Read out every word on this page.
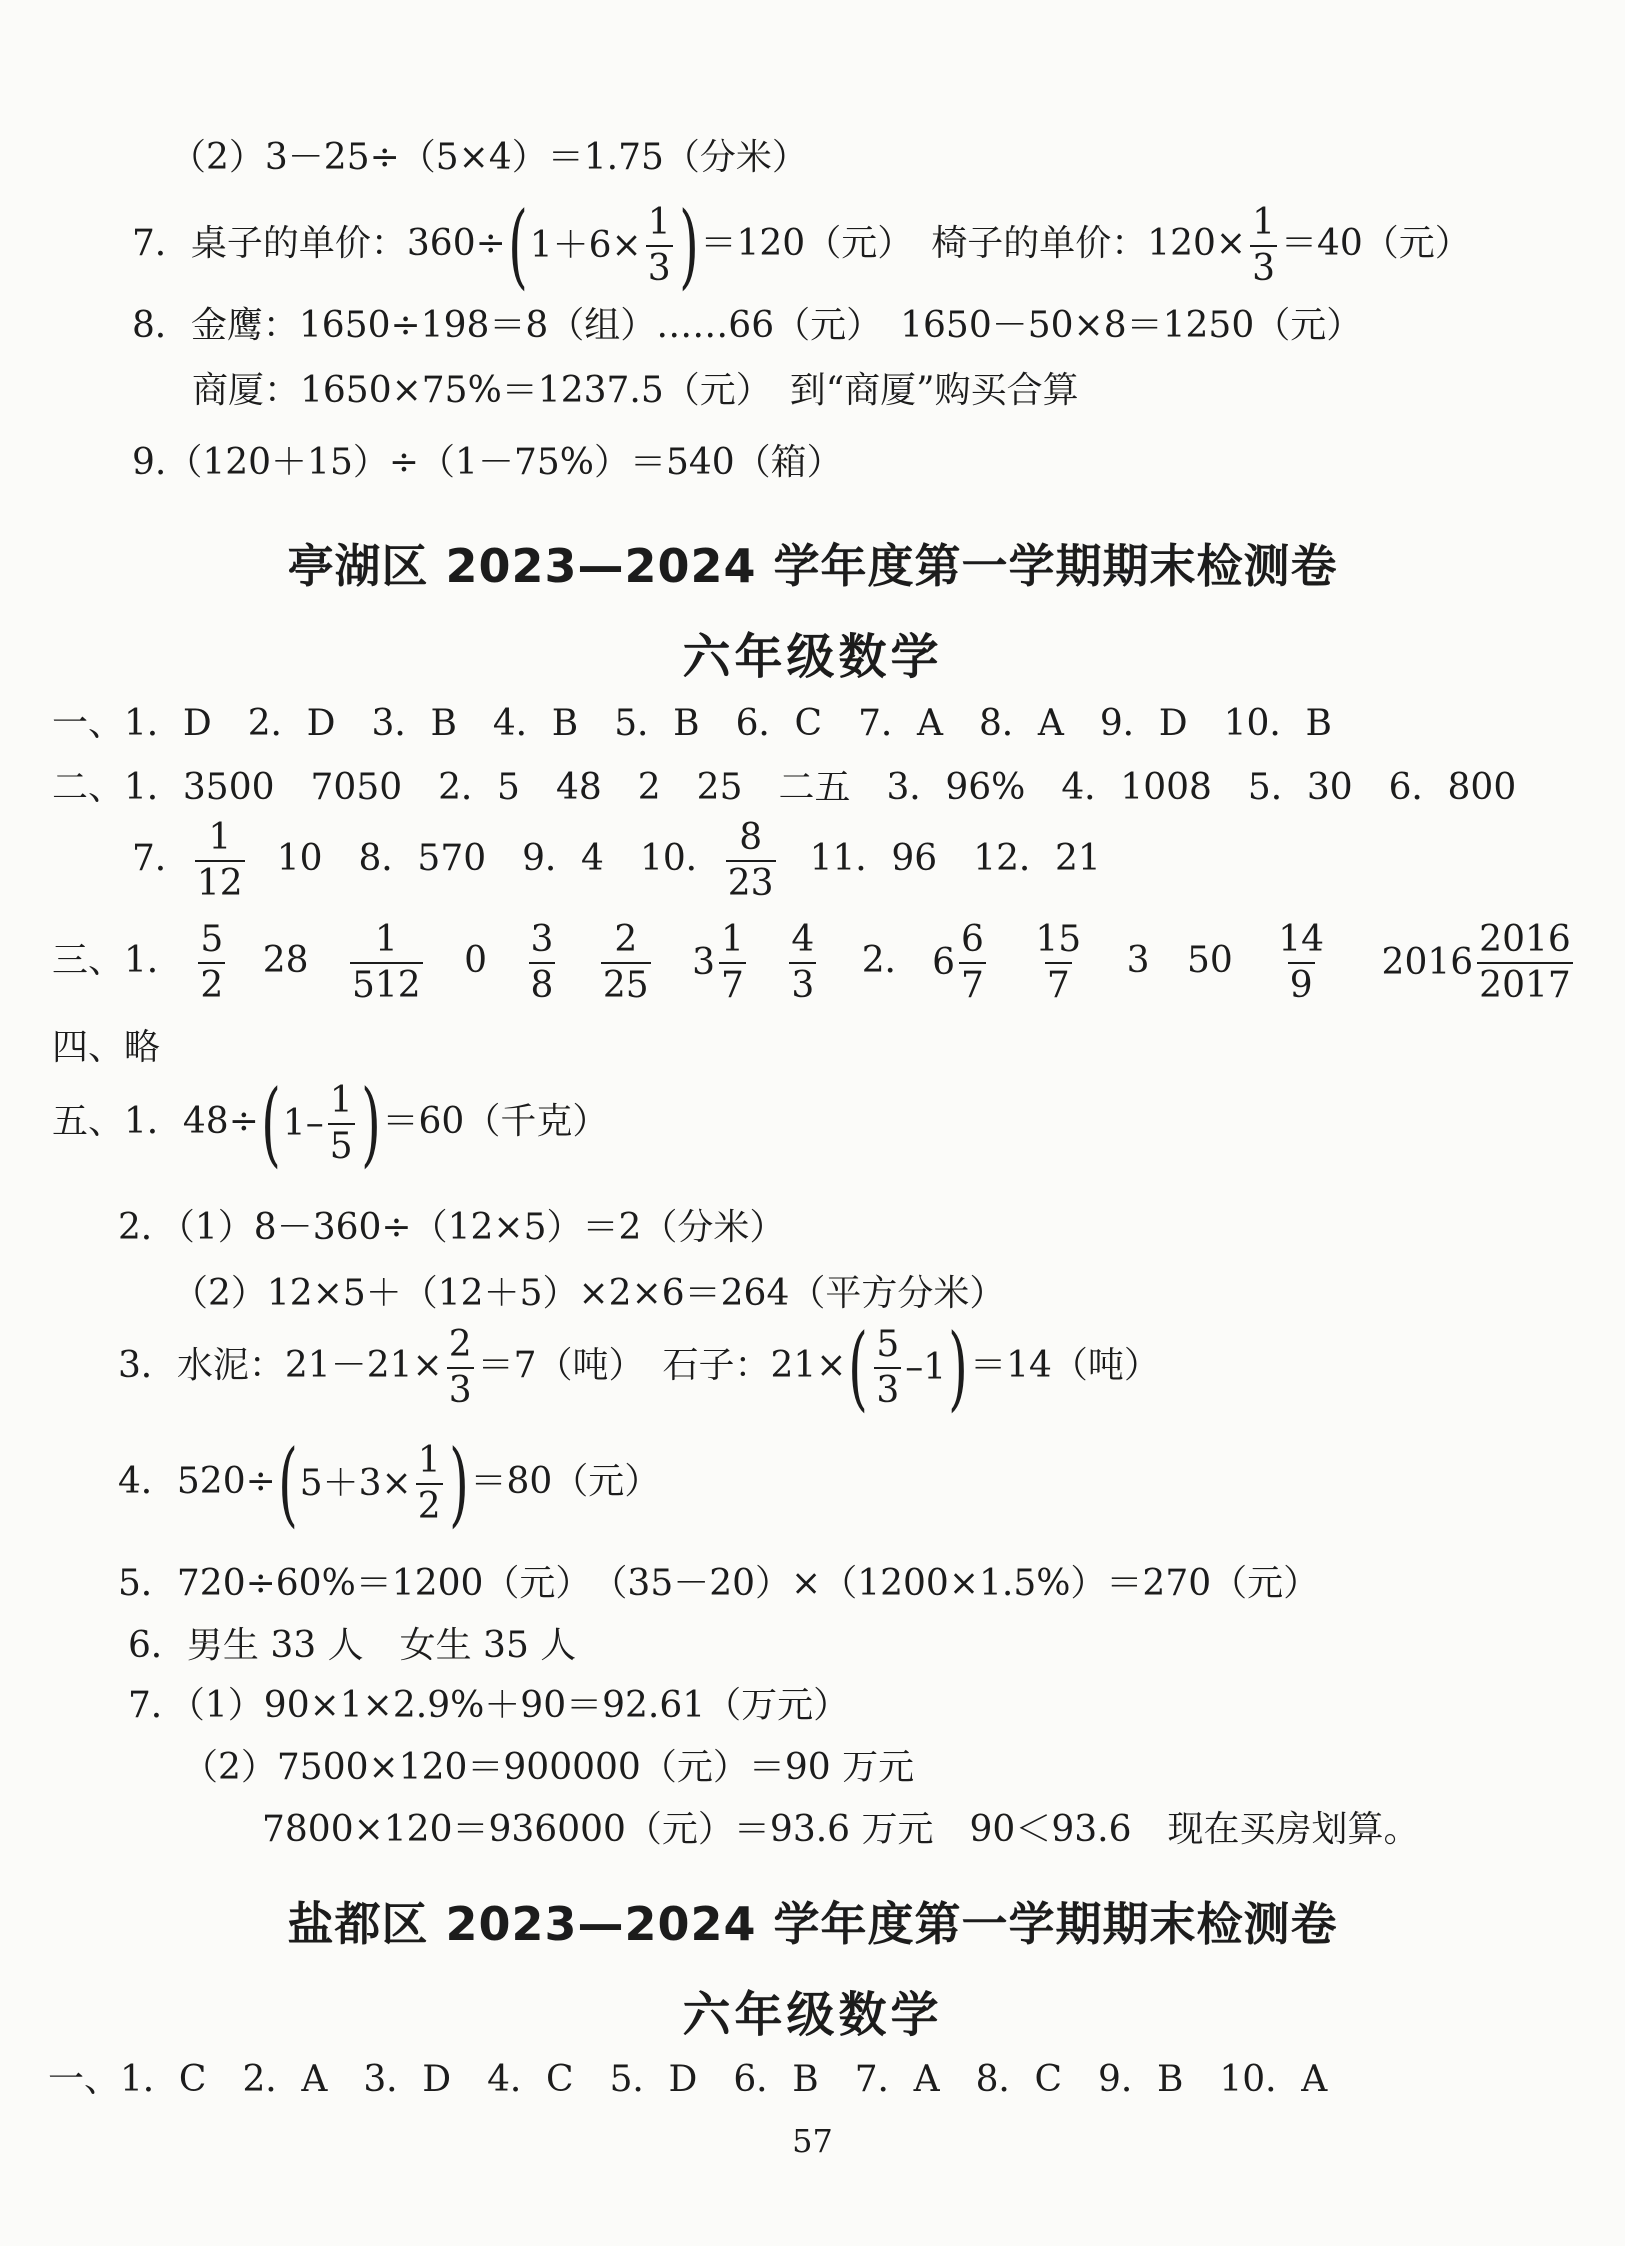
（2）3－25÷（5×4）＝1.75（分米）
7．桌子的单价：360÷ ( $1+6\times \frac{1}{3}$ ) ＝120（元）　椅子的单价：$120\times \frac{1}{3} =40$（元）
8．金鹰：1650÷198＝8（组）……66（元）　1650－50×8＝1250（元）
商厦：1650×75%＝1237.5（元）　到“商厦”购买合算
9.（120＋15）÷（1－75%）＝540（箱）
亭湖区 2023—2024 学年度第一学期期末检测卷
六年级数学
一、1．D　2．D　3．B　4．B　5．B　6．C　7．A　8．A　9．D　10．B
二、1．3500　7050　2．5　48　2　25　二五　3．96%　4．1008　5．30　6．800
7． $\frac{1}{12} 10$　8．570　9．4　10． $\frac{8}{23} 11$．96　12．21
三、1． $\frac{5}{2} 28 \frac{1}{512} 0 \frac{3}{8}$
$\frac{2}{25}$
3
1
7
$\frac{4}{3} 2$． 6
6
7
$\frac{15}{7} 3$ $50 \frac{14}{9}$
2016
2016
2017
四、略
五、1．48÷ ( 1–
1
5 ) ＝60（千克）
2．（1）8－360÷（12×5）＝2（分米）
（2）12×5＋（12＋5）×2×6＝264（平方分米）
3．水泥：$21-21\times \frac{2}{3} =7$（吨）　石子：21× ( 5
3
–1 ) ＝14（吨）
4．520÷ ( $5+3\times \frac{1}{2}$ ) ＝80（元）
5．720÷60%＝1200（元）　（35－20）×（1200×1.5%）＝270（元）
6．男生 33 人　女生 35 人
7．（1）90×1×2.9%＋90＝92.61（万元）
（2）7500×120＝900000（元）＝90 万元
7800×120＝936000（元）＝93.6 万元　90＜93.6　现在买房划算。
盐都区 2023—2024 学年度第一学期期末检测卷
六年级数学
一、1．C　2．A　3．D　4．C　5．D　6．B　7．A　8．C　9．B　10．A
57
